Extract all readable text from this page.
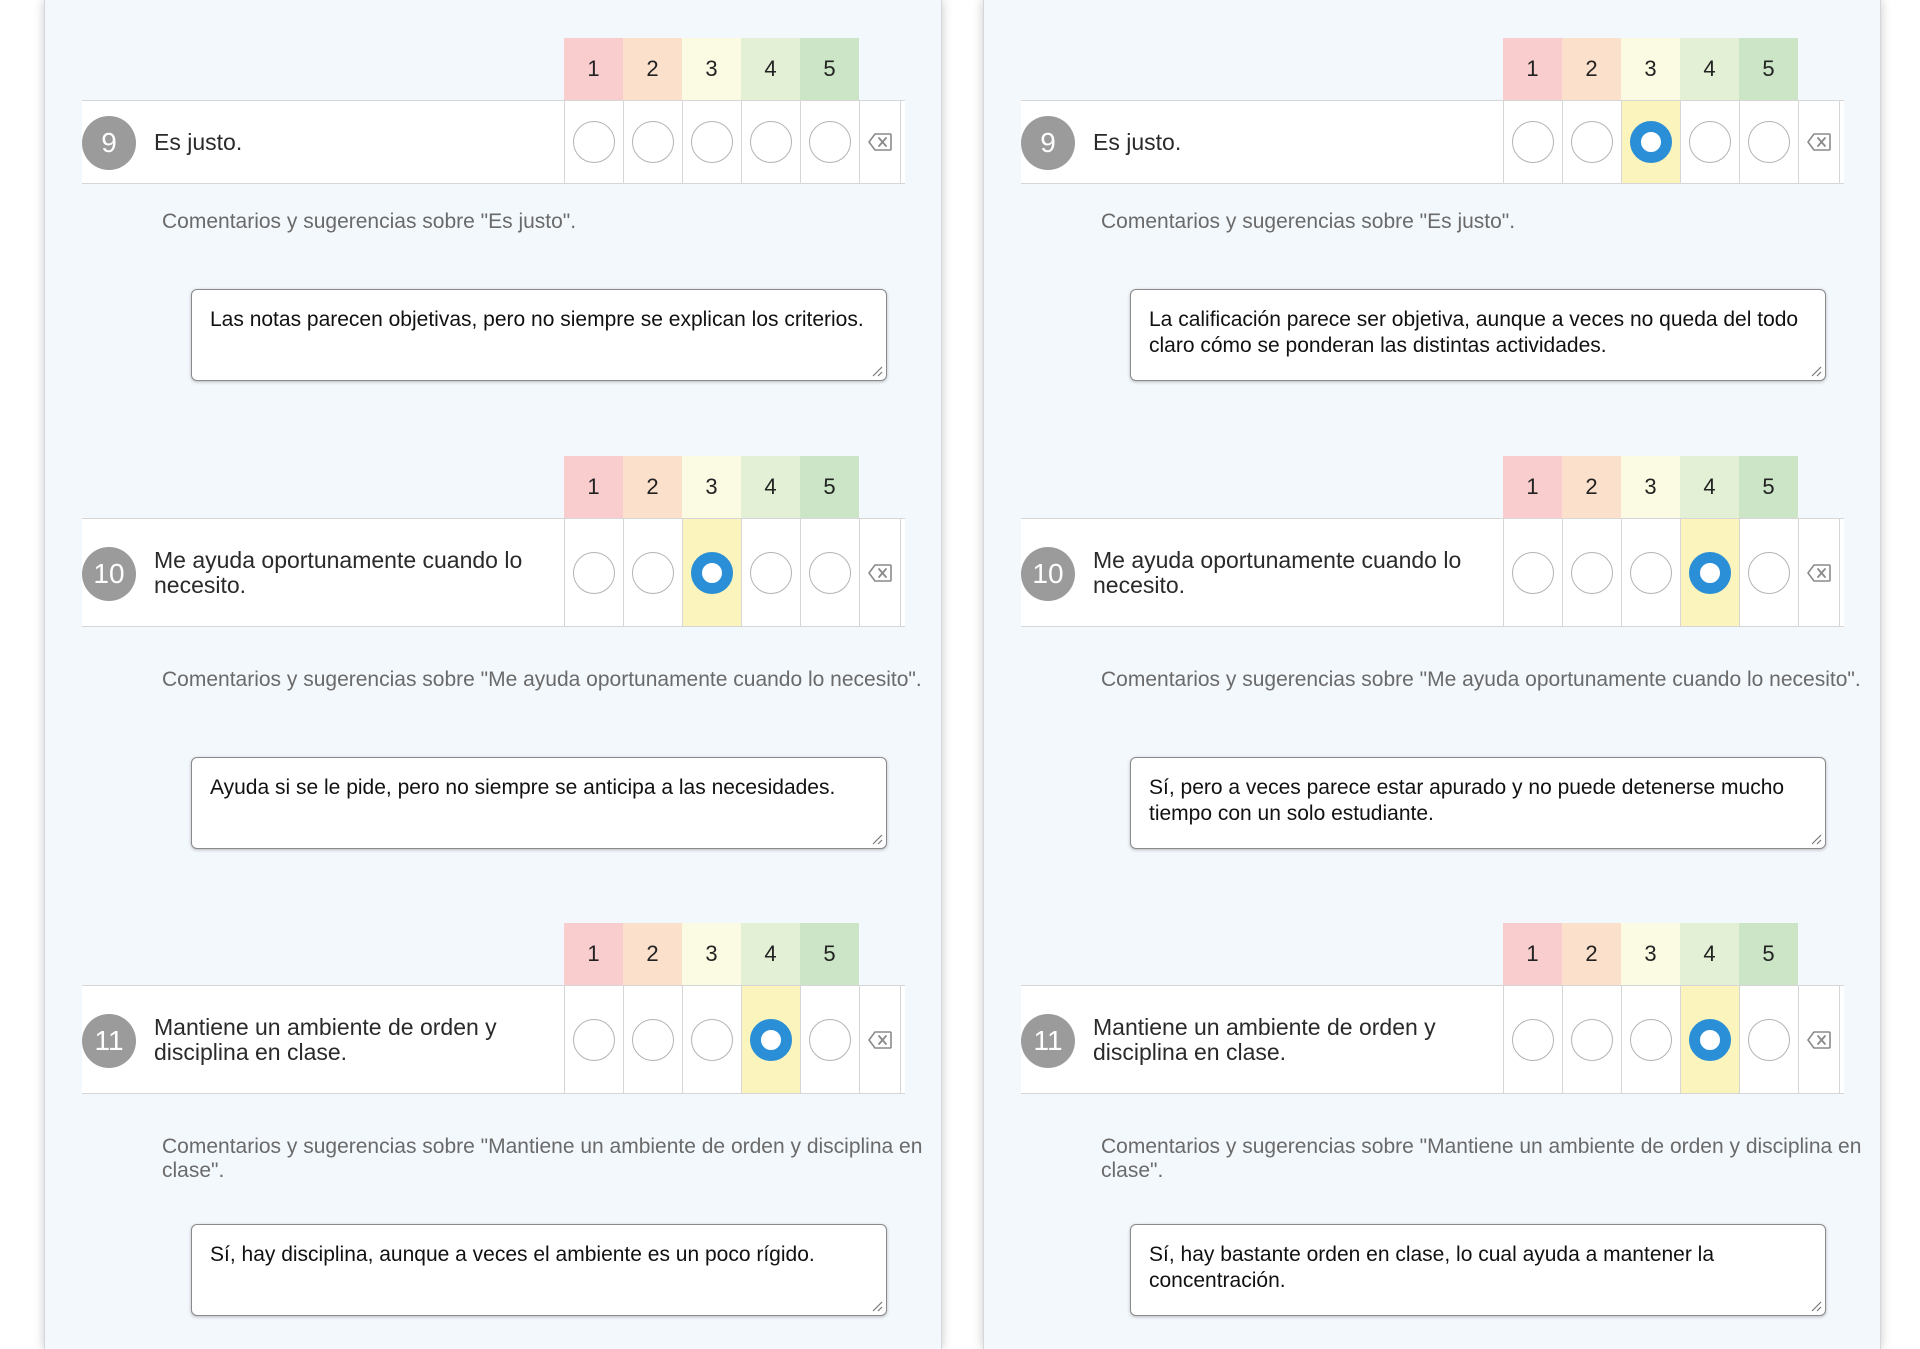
1	2	3	4	5
9	Es justo.
Comentarios y sugerencias sobre "Es justo".
Las notas parecen objetivas, pero no siempre se explican los criterios.
1	2	3	4	5
10	Me ayuda oportunamente cuando lo necesito.
Comentarios y sugerencias sobre "Me ayuda oportunamente cuando lo necesito".
Ayuda si se le pide, pero no siempre se anticipa a las necesidades.
1	2	3	4	5
11	Mantiene un ambiente de orden y disciplina en clase.
Comentarios y sugerencias sobre "Mantiene un ambiente de orden y disciplina en clase".
Sí, hay disciplina, aunque a veces el ambiente es un poco rígido.
1	2	3	4	5
9	Es justo.
Comentarios y sugerencias sobre "Es justo".
La calificación parece ser objetiva, aunque a veces no queda del todo claro cómo se ponderan las distintas actividades.
1	2	3	4	5
10	Me ayuda oportunamente cuando lo necesito.
Comentarios y sugerencias sobre "Me ayuda oportunamente cuando lo necesito".
Sí, pero a veces parece estar apurado y no puede detenerse mucho tiempo con un solo estudiante.
1	2	3	4	5
11	Mantiene un ambiente de orden y disciplina en clase.
Comentarios y sugerencias sobre "Mantiene un ambiente de orden y disciplina en clase".
Sí, hay bastante orden en clase, lo cual ayuda a mantener la concentración.
